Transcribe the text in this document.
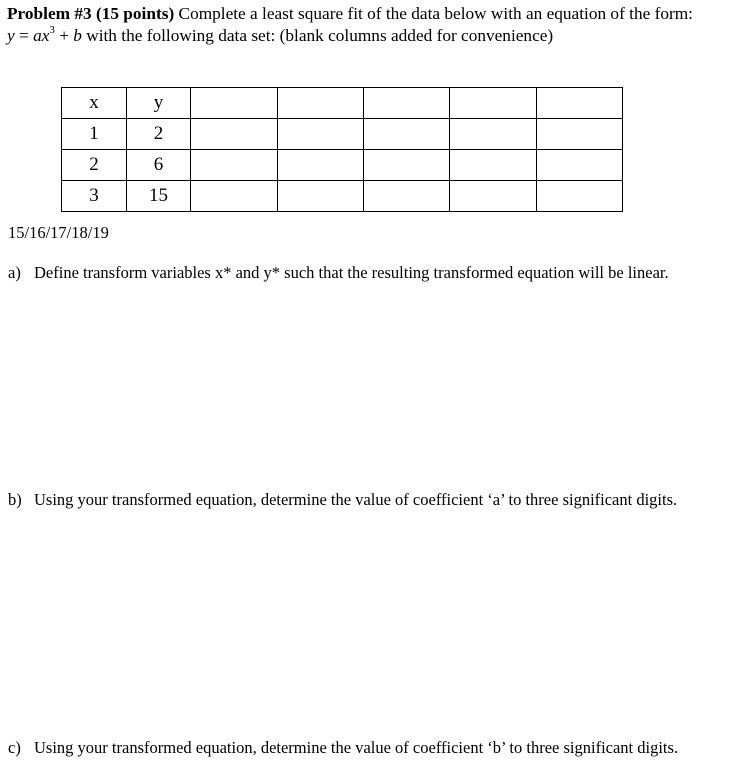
Problem #3 (15 points) Complete a least square fit of the data below with an equation of the form:
$y = ax^3 + b$ with the following data set: (blank columns added for convenience)
x	y					
1	2					
2	6					
3	15					
15/16/17/18/19
a) Define transform variables x* and y* such that the resulting transformed equation will be linear.
b) Using your transformed equation, determine the value of coefficient ‘a’ to three significant digits.
c) Using your transformed equation, determine the value of coefficient ‘b’ to three significant digits.
